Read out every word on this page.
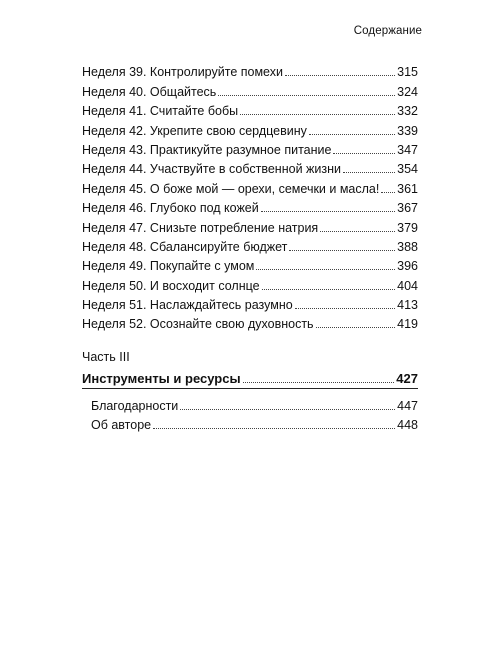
Содержание
Неделя 39. Контролируйте помехи	315
Неделя 40. Общайтесь	324
Неделя 41. Считайте бобы	332
Неделя 42. Укрепите свою сердцевину	339
Неделя 43. Практикуйте разумное питание	347
Неделя 44. Участвуйте в собственной жизни	354
Неделя 45. О боже мой — орехи, семечки и масла! 361
Неделя 46. Глубоко под кожей	367
Неделя 47. Снизьте потребление натрия	379
Неделя 48. Сбалансируйте бюджет	388
Неделя 49. Покупайте с умом	396
Неделя 50. И восходит солнце	404
Неделя 51. Наслаждайтесь разумно	413
Неделя 52. Осознайте свою духовность	419
Часть III
Инструменты и ресурсы	427
Благодарности	447
Об авторе	448
